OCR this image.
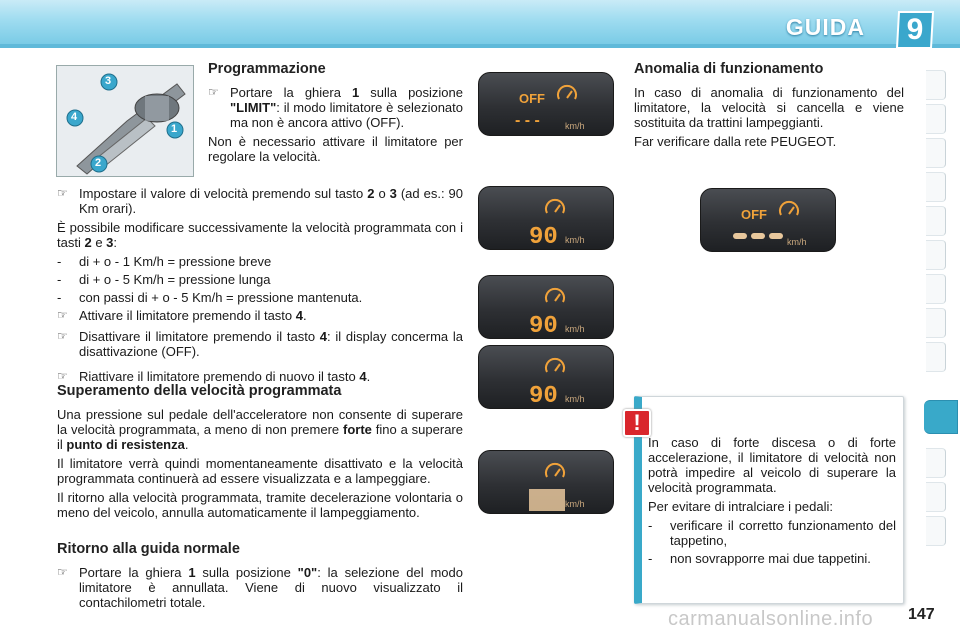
GUIDA	9
3
4
1
2
Programmazione
☞ Portare la ghiera 1 sulla posizione "LIMIT": il modo limitatore è selezionato ma non è ancora attivo (OFF).

Non è necessario attivare il limitatore per regolare la velocità.

☞ Impostare il valore di velocità premendo sul tasto 2 o 3 (ad es.: 90 Km orari).

È possibile modificare successivamente la velocità programmata con i tasti 2 e 3:

-	di + o - 1 Km/h = pressione breve
-	di + o - 5 Km/h = pressione lunga
-	con passi di + o - 5 Km/h = pressione mantenuta.
☞ Attivare il limitatore premendo il tasto 4.
☞ Disattivare il limitatore premendo il tasto 4: il display concerma la disattivazione (OFF).
☞ Riattivare il limitatore premendo di nuovo il tasto 4.
Superamento della velocità programmata

Una pressione sul pedale dell'acceleratore non consente di superare la velocità programmata, a meno di non premere forte fino a superare il punto di resistenza.

Il limitatore verrà quindi momentaneamente disattivato e la velocità programmata continuerà ad essere visualizzata e a lampeggiare.

Il ritorno alla velocità programmata, tramite decelerazione volontaria o meno del veicolo, annulla automaticamente il lampeggiamento.

Ritorno alla guida normale
☞ Portare la ghiera 1 sulla posizione "0": la selezione del modo limitatore è annullata. Viene di nuovo visualizzato il contachilometri totale.
OFF
- - -	km/h
90 km/h
90 km/h
90 km/h
km/h
Anomalia di funzionamento

In caso di anomalia di funzionamento del limitatore, la velocità si cancella e viene sostituita da trattini lampeggianti.

Far verificare dalla rete PEUGEOT.

OFF
km/h
!

In caso di forte discesa o di forte accelerazione, il limitatore di velocità non potrà impedire al veicolo di superare la velocità programmata.

Per evitare di intralciare i pedali:

-	verificare il corretto funzionamento del tappetino,
-	non sovrapporre mai due tappetini.
carmanualsonline.info 147
